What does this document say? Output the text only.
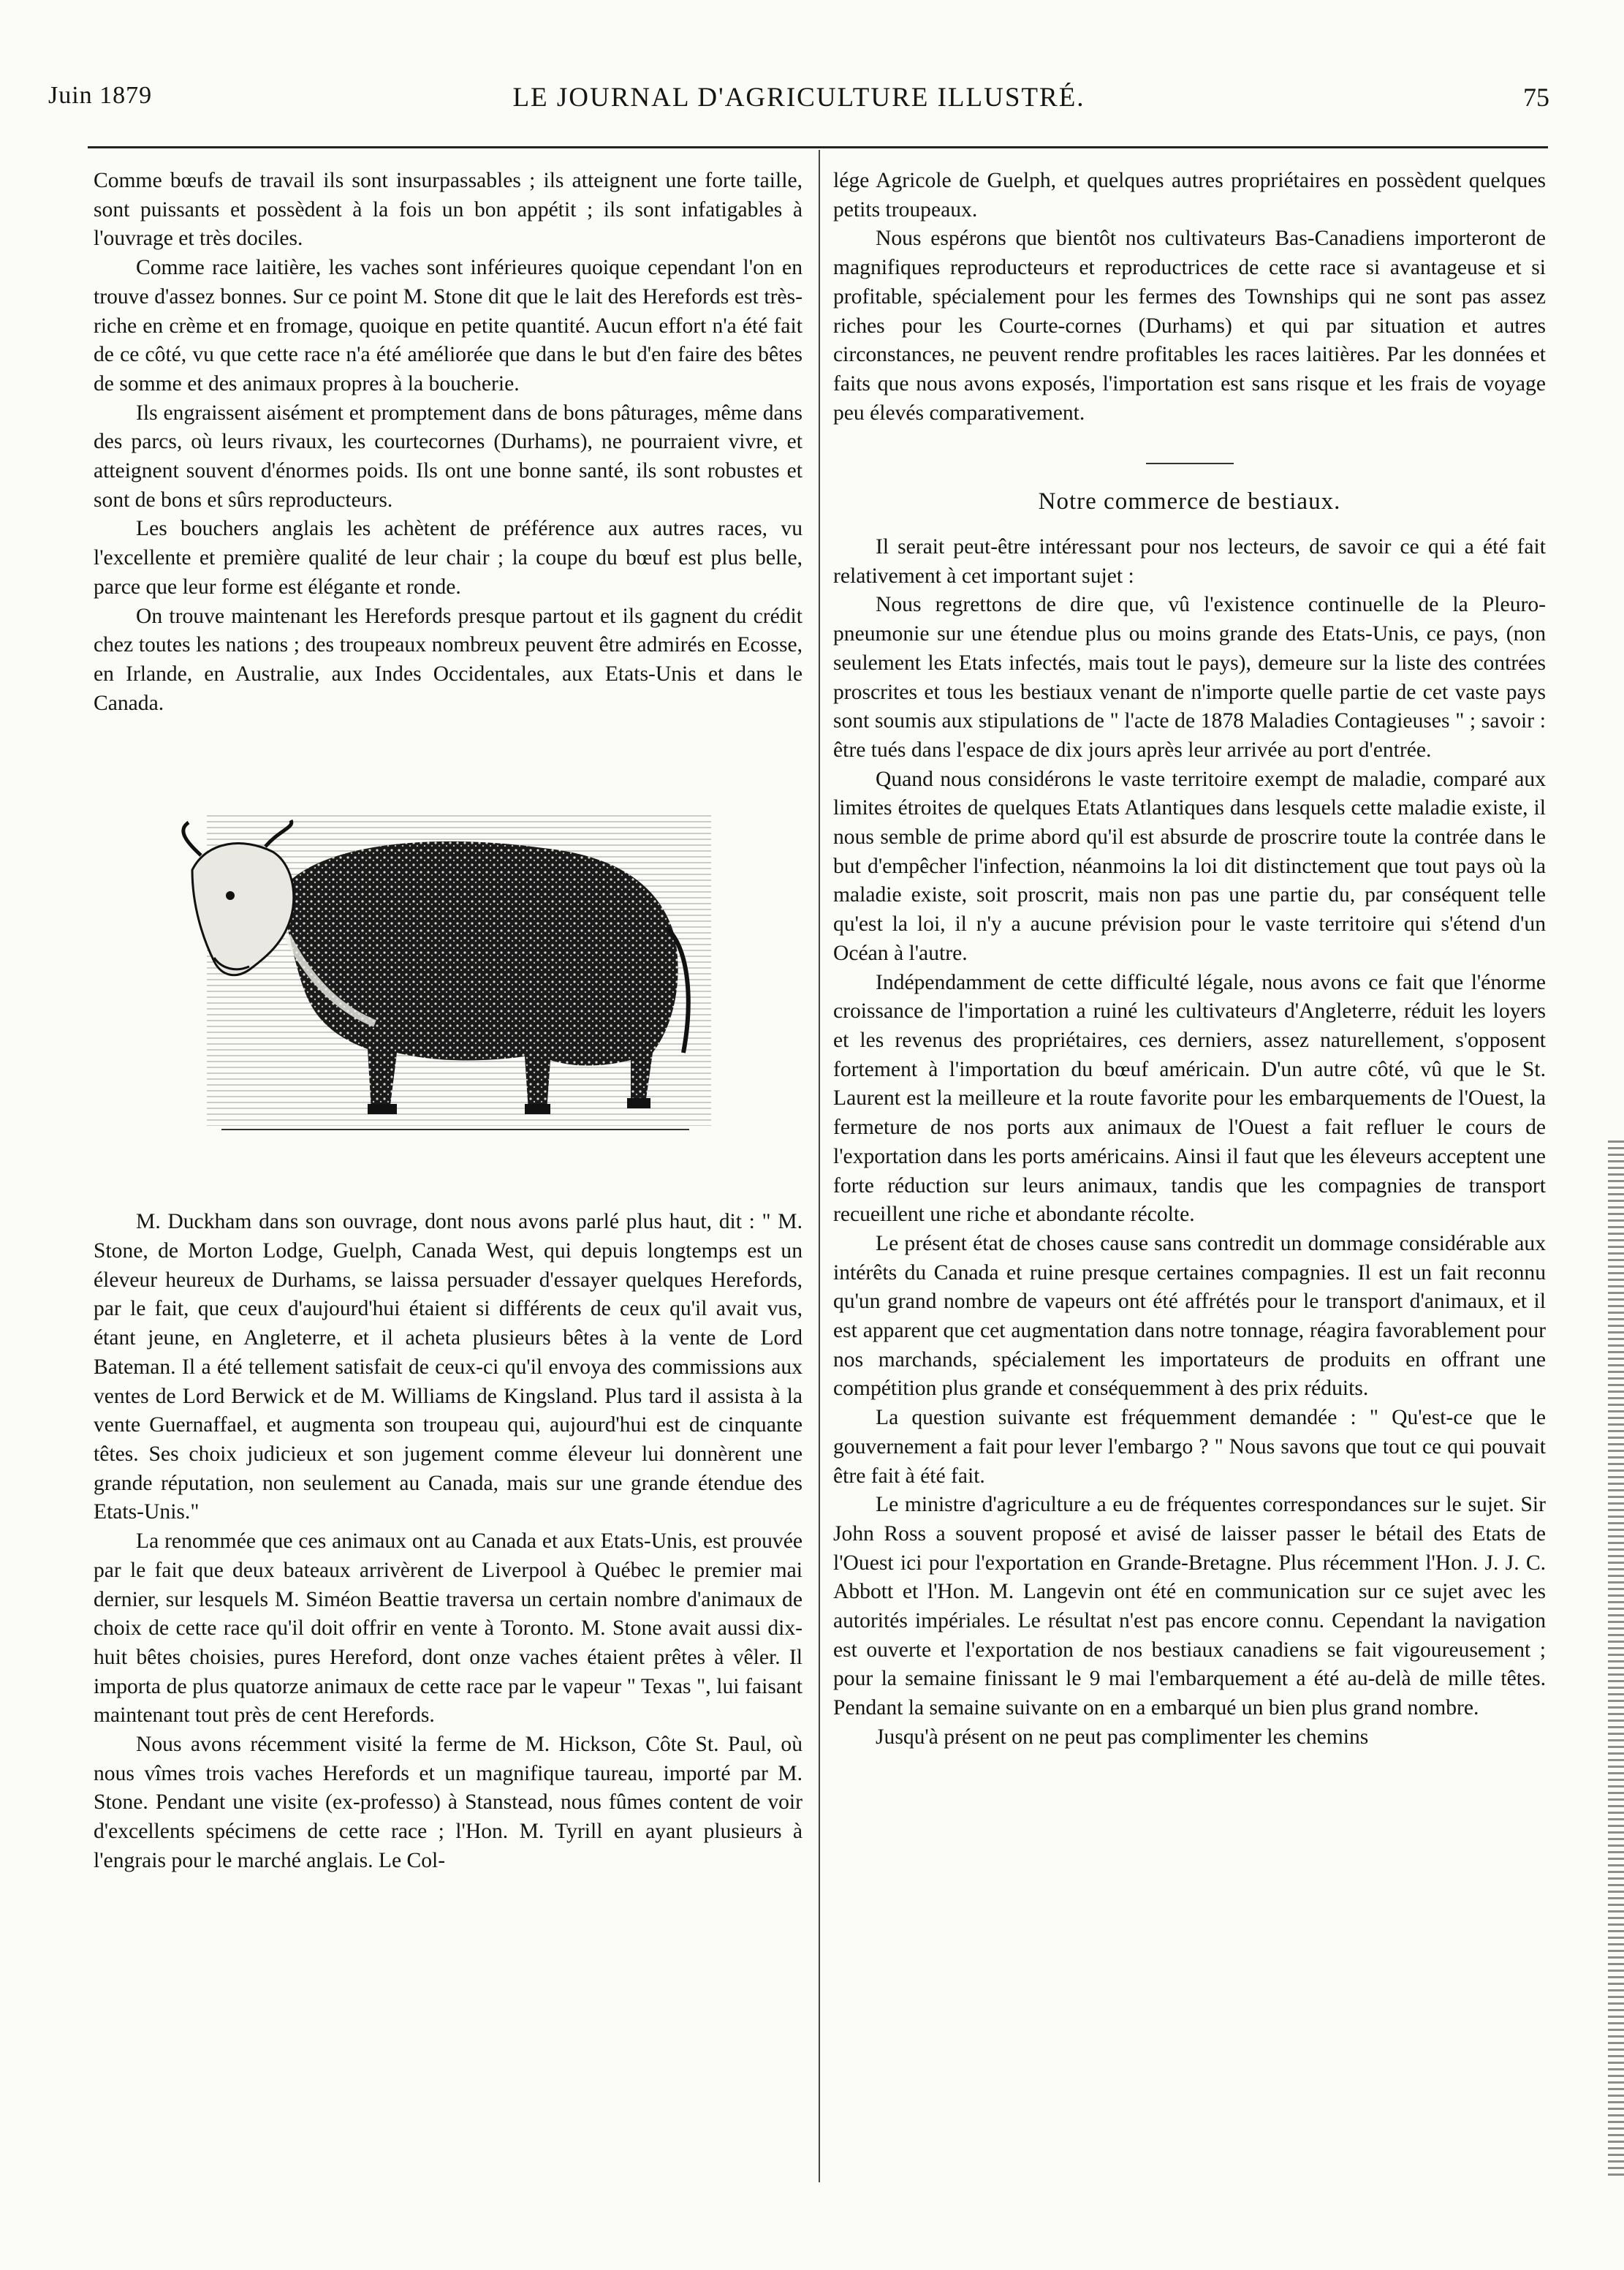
Juin 1879	LE JOURNAL D'AGRICULTURE ILLUSTRÉ.	75

Comme bœufs de travail ils sont insurpassables ; ils atteignent une forte taille, sont puissants et possèdent à la fois un bon appétit ; ils sont infatigables à l'ouvrage et très dociles.

Comme race laitière, les vaches sont inférieures quoique cependant l'on en trouve d'assez bonnes. Sur ce point M. Stone dit que le lait des Herefords est très-riche en crème et en fromage, quoique en petite quantité. Aucun effort n'a été fait de ce côté, vu que cette race n'a été améliorée que dans le but d'en faire des bêtes de somme et des animaux propres à la boucherie.

Ils engraissent aisément et promptement dans de bons pâturages, même dans des parcs, où leurs rivaux, les courtecornes (Durhams), ne pourraient vivre, et atteignent souvent d'énormes poids. Ils ont une bonne santé, ils sont robustes et sont de bons et sûrs reproducteurs.

Les bouchers anglais les achètent de préférence aux autres races, vu l'excellente et première qualité de leur chair ; la coupe du bœuf est plus belle, parce que leur forme est élégante et ronde.

On trouve maintenant les Herefords presque partout et ils gagnent du crédit chez toutes les nations ; des troupeaux nombreux peuvent être admirés en Ecosse, en Irlande, en Australie, aux Indes Occidentales, aux Etats-Unis et dans le Canada.

M. Duckham dans son ouvrage, dont nous avons parlé plus haut, dit : " M. Stone, de Morton Lodge, Guelph, Canada West, qui depuis longtemps est un éleveur heureux de Durhams, se laissa persuader d'essayer quelques Herefords, par le fait, que ceux d'aujourd'hui étaient si différents de ceux qu'il avait vus, étant jeune, en Angleterre, et il acheta plusieurs bêtes à la vente de Lord Bateman. Il a été tellement satisfait de ceux-ci qu'il envoya des commissions aux ventes de Lord Berwick et de M. Williams de Kingsland. Plus tard il assista à la vente Guernaffael, et augmenta son troupeau qui, aujourd'hui est de cinquante têtes. Ses choix judicieux et son jugement comme éleveur lui donnèrent une grande réputation, non seulement au Canada, mais sur une grande étendue des Etats-Unis."

La renommée que ces animaux ont au Canada et aux Etats-Unis, est prouvée par le fait que deux bateaux arrivèrent de Liverpool à Québec le premier mai dernier, sur lesquels M. Siméon Beattie traversa un certain nombre d'animaux de choix de cette race qu'il doit offrir en vente à Toronto. M. Stone avait aussi dix-huit bêtes choisies, pures Hereford, dont onze vaches étaient prêtes à vêler. Il importa de plus quatorze animaux de cette race par le vapeur " Texas ", lui faisant maintenant tout près de cent Herefords.

Nous avons récemment visité la ferme de M. Hickson, Côte St. Paul, où nous vîmes trois vaches Herefords et un magnifique taureau, importé par M. Stone. Pendant une visite (ex-professo) à Stanstead, nous fûmes content de voir d'excellents spécimens de cette race ; l'Hon. M. Tyrill en ayant plusieurs à l'engrais pour le marché anglais. Le Col-

lége Agricole de Guelph, et quelques autres propriétaires en possèdent quelques petits troupeaux.

Nous espérons que bientôt nos cultivateurs Bas-Canadiens importeront de magnifiques reproducteurs et reproductrices de cette race si avantageuse et si profitable, spécialement pour les fermes des Townships qui ne sont pas assez riches pour les Courte-cornes (Durhams) et qui par situation et autres circonstances, ne peuvent rendre profitables les races laitières. Par les données et faits que nous avons exposés, l'importation est sans risque et les frais de voyage peu élevés comparativement.

Notre commerce de bestiaux.

Il serait peut-être intéressant pour nos lecteurs, de savoir ce qui a été fait relativement à cet important sujet :

Nous regrettons de dire que, vû l'existence continuelle de la Pleuro-pneumonie sur une étendue plus ou moins grande des Etats-Unis, ce pays, (non seulement les Etats infectés, mais tout le pays), demeure sur la liste des contrées proscrites et tous les bestiaux venant de n'importe quelle partie de cet vaste pays sont soumis aux stipulations de " l'acte de 1878 Maladies Contagieuses " ; savoir : être tués dans l'espace de dix jours après leur arrivée au port d'entrée.

Quand nous considérons le vaste territoire exempt de maladie, comparé aux limites étroites de quelques Etats Atlantiques dans lesquels cette maladie existe, il nous semble de prime abord qu'il est absurde de proscrire toute la contrée dans le but d'empêcher l'infection, néanmoins la loi dit distinctement que tout pays où la maladie existe, soit proscrit, mais non pas une partie du, par conséquent telle qu'est la loi, il n'y a aucune prévision pour le vaste territoire qui s'étend d'un Océan à l'autre.

Indépendamment de cette difficulté légale, nous avons ce fait que l'énorme croissance de l'importation a ruiné les cultivateurs d'Angleterre, réduit les loyers et les revenus des propriétaires, ces derniers, assez naturellement, s'opposent fortement à l'importation du bœuf américain. D'un autre côté, vû que le St. Laurent est la meilleure et la route favorite pour les embarquements de l'Ouest, la fermeture de nos ports aux animaux de l'Ouest a fait refluer le cours de l'exportation dans les ports américains. Ainsi il faut que les éleveurs acceptent une forte réduction sur leurs animaux, tandis que les compagnies de transport recueillent une riche et abondante récolte.

Le présent état de choses cause sans contredit un dommage considérable aux intérêts du Canada et ruine presque certaines compagnies. Il est un fait reconnu qu'un grand nombre de vapeurs ont été affrétés pour le transport d'animaux, et il est apparent que cet augmentation dans notre tonnage, réagira favorablement pour nos marchands, spécialement les importateurs de produits en offrant une compétition plus grande et conséquemment à des prix réduits.

La question suivante est fréquemment demandée : " Qu'est-ce que le gouvernement a fait pour lever l'embargo ? " Nous savons que tout ce qui pouvait être fait à été fait.

Le ministre d'agriculture a eu de fréquentes correspondances sur le sujet. Sir John Ross a souvent proposé et avisé de laisser passer le bétail des Etats de l'Ouest ici pour l'exportation en Grande-Bretagne. Plus récemment l'Hon. J. J. C. Abbott et l'Hon. M. Langevin ont été en communication sur ce sujet avec les autorités impériales. Le résultat n'est pas encore connu. Cependant la navigation est ouverte et l'exportation de nos bestiaux canadiens se fait vigoureusement ; pour la semaine finissant le 9 mai l'embarquement a été au-delà de mille têtes. Pendant la semaine suivante on en a embarqué un bien plus grand nombre.

Jusqu'à présent on ne peut pas complimenter les chemins
